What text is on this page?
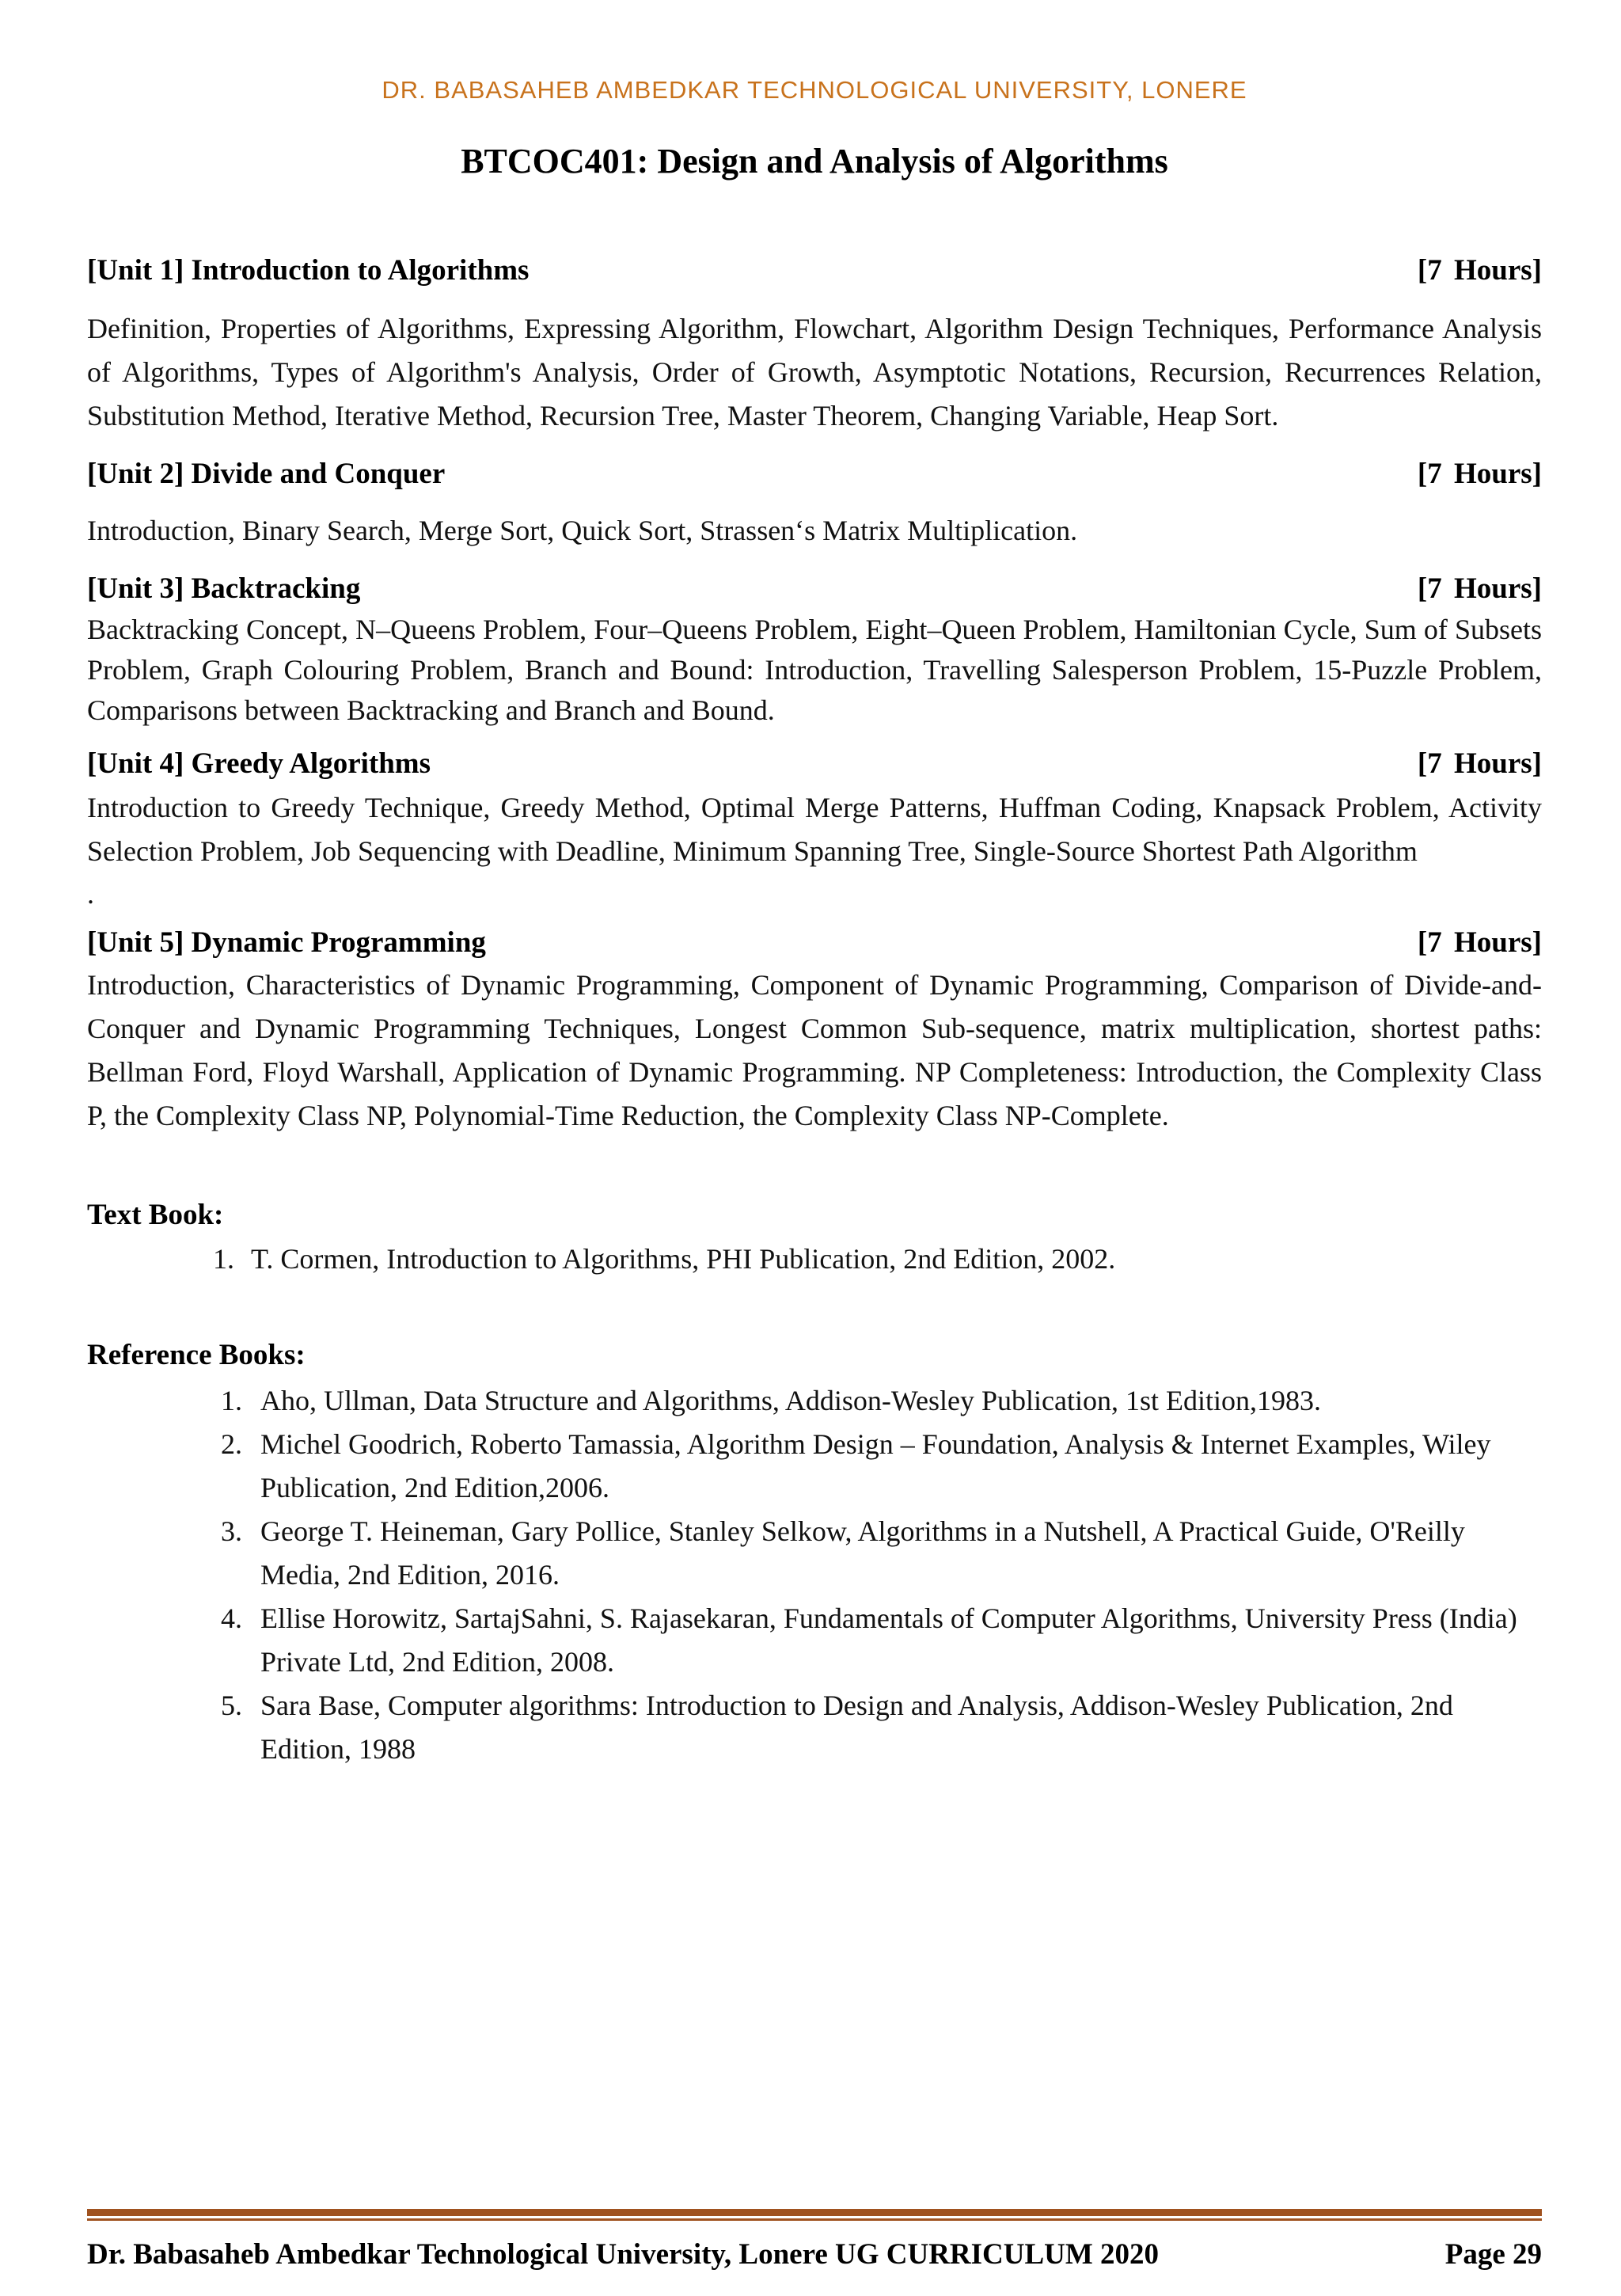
DR. BABASAHEB AMBEDKAR TECHNOLOGICAL UNIVERSITY, LONERE
BTCOC401: Design and Analysis of Algorithms
[Unit 1] Introduction to Algorithms	[7 Hours]
Definition, Properties of Algorithms, Expressing Algorithm, Flowchart, Algorithm Design Techniques, Performance Analysis of Algorithms, Types of Algorithm's Analysis, Order of Growth, Asymptotic Notations, Recursion, Recurrences Relation, Substitution Method, Iterative Method, Recursion Tree, Master Theorem, Changing Variable, Heap Sort.
[Unit 2] Divide and Conquer	[7 Hours]
Introduction, Binary Search, Merge Sort, Quick Sort, Strassen‘s Matrix Multiplication.
[Unit 3] Backtracking	[7 Hours]
Backtracking Concept, N–Queens Problem, Four–Queens Problem, Eight–Queen Problem, Hamiltonian Cycle, Sum of Subsets Problem, Graph Colouring Problem, Branch and Bound: Introduction, Travelling Salesperson Problem, 15-Puzzle Problem, Comparisons between Backtracking and Branch and Bound.
[Unit 4] Greedy Algorithms	[7 Hours]
Introduction to Greedy Technique, Greedy Method, Optimal Merge Patterns, Huffman Coding, Knapsack Problem, Activity Selection Problem, Job Sequencing with Deadline, Minimum Spanning Tree, Single-Source Shortest Path Algorithm
.
[Unit 5] Dynamic Programming	[7 Hours]
Introduction, Characteristics of Dynamic Programming, Component of Dynamic Programming, Comparison of Divide-and-Conquer and Dynamic Programming Techniques, Longest Common Sub-sequence, matrix multiplication, shortest paths: Bellman Ford, Floyd Warshall, Application of Dynamic Programming. NP Completeness: Introduction, the Complexity Class P, the Complexity Class NP, Polynomial-Time Reduction, the Complexity Class NP-Complete.
Text Book:
1. T. Cormen, Introduction to Algorithms, PHI Publication, 2nd Edition, 2002.
Reference Books:
1. Aho, Ullman, Data Structure and Algorithms, Addison-Wesley Publication, 1st Edition,1983.
2. Michel Goodrich, Roberto Tamassia, Algorithm Design – Foundation, Analysis & Internet Examples, Wiley Publication, 2nd Edition,2006.
3. George T. Heineman, Gary Pollice, Stanley Selkow, Algorithms in a Nutshell, A Practical Guide, O'Reilly Media, 2nd Edition, 2016.
4. Ellise Horowitz, SartajSahni, S. Rajasekaran, Fundamentals of Computer Algorithms, University Press (India) Private Ltd, 2nd Edition, 2008.
5. Sara Base, Computer algorithms: Introduction to Design and Analysis, Addison-Wesley Publication, 2nd Edition, 1988
Dr. Babasaheb Ambedkar Technological University, Lonere UG CURRICULUM 2020	Page 29
